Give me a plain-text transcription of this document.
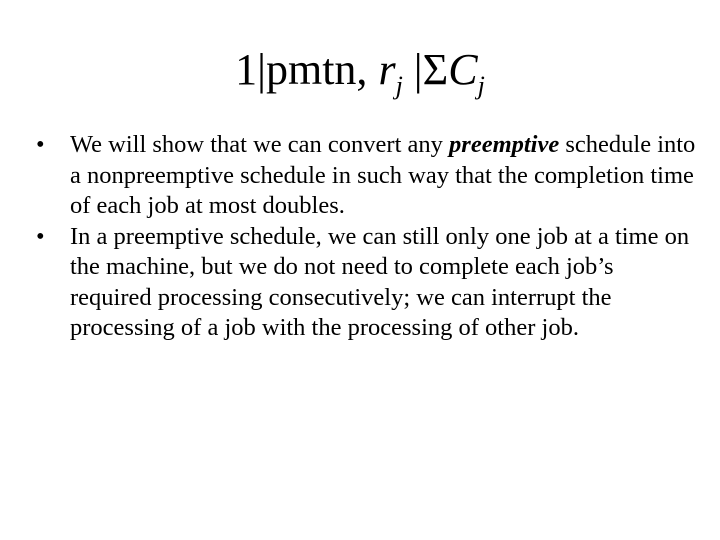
1|pmtn, $r_j$ $|\Sigma C_j$
•	We will show that we can convert any preemptive schedule into a nonpreemptive schedule in such way that the completion time of each job at most doubles.
•	In a preemptive schedule, we can still only one job at a time on the machine, but we do not need to complete each job’s required processing consecutively; we can interrupt the processing of a job with the processing of other job.
